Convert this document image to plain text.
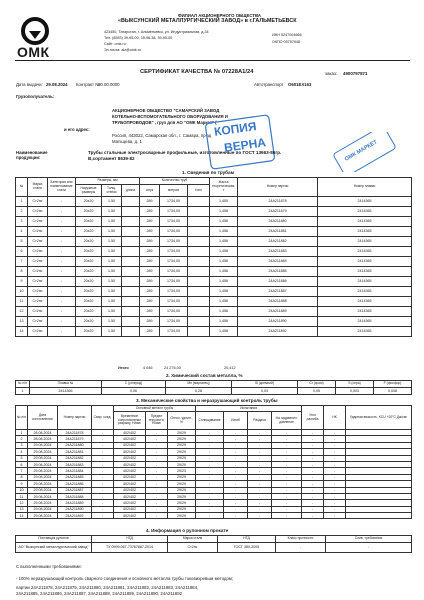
ОМК
ФИЛИАЛ АКЦИОНЕРНОГО ОБЩЕСТВА
«ВЫКСУНСКИЙ МЕТАЛЛУРГИЧЕСКИЙ ЗАВОД» в г.ГАЛЬМЕТЬЕВСК
423450, Татарстан, г. Альметьевск, ул. Индустриальная, д.34
Тел. (8553) 39-95-00, 39-96-38, 39-95-00
Сайт: omk.ru
Эл.почта: alz@omk.ru
ИНН 5247004666
ОКПО 05757948
СЕРТИФИКАТ КАЧЕСТВА № 07228А1/24	заказ: 4900797871
Дата выдачи: 29.08.2024 Контракт №
00.00.0000	Автотранспорт О601ЕХ163
Грузополучатель:
АКЦИОНЕРНОЕ ОБЩЕСТВО "САМАРСКИЙ ЗАВОД
КОТЕЛЬНО-ВСПОМОГАТЕЛЬНОГО ОБОРУДОВАНИЯ И
ТРУБОПРОВОДОВ" , груз для АО "ОМК Маркет" (
и его адрес:
Россия, 443022, Самарская обл., г. Самара, пр-зд
Мальцева, д. 1
КОПИЯ
ВЕРНА	ОМК МАРКЕТ
Наименование продукции:
Трубы стальные электросварные профильные, изготовленные по ГОСТ 13663-86гр.
В,сортамент 8639-82
1. Сведения по трубам
№	Марка стали	Категория или наименование стали	Размеры, мм			Количество труб			Масса теоретическая, т	Номер партии	Номер плавки
			Наружные размеры	Толщ. стенки	длина	штук	метров	тонн			
1	Ст2пс	-	20х20	1,50		289	1734,00		1,450	24А211878	2414365
2	Ст2пс	-	20х20	1,50		289	1734,00		1,456	24А211879	2414365
3	Ст2пс	-	20х20	1,50		289	1734,00		1,456	24А211880	2414365
4	Ст2пс	-	20х20	1,50		289	1734,00		1,456	24А211881	2414365
5	Ст2пс	-	20х20	1,50		289	1734,00		1,456	24А211882	2414365
6	Ст2пс	-	20х20	1,50		289	1734,00		1,456	24А211883	2414365
7	Ст2пс	-	20х20	1,50		289	1734,00		1,456	24А211884	2414365
8	Ст2пс	-	20х20	1,50		289	1734,00		1,456	24А211885	2414365
9	Ст2пс	-	20х20	1,50		289	1734,00		1,456	24А211886	2414365
10	Ст2пс	-	20х20	1,50		289	1734,00		1,456	24А211887	2414365
11	Ст2пс	-	20х20	1,50		289	1734,00		1,456	24А211888	2414365
12	Ст2пс	-	20х20	1,50		289	1734,00		1,456	24А211889	2414365
13	Ст2пс	-	20х20	1,50		289	1734,00		1,456	24А211890	2414365
14	Ст2пс	-	20х20	1,50		289	1734,00		1,456	24А211892	2414365
Итого	4 046	24 276,00	20,412
2. Химический состав металла, %
№ п/п	Плавка №	С (углерод)	Mn (марганец)	Si (кремний)	Cr (хром)	S (сера)	P (фосфор)
1	2414365	0,06	0,28	0,03	0,05	0,003	0,008
3. Механические свойства и неразрушающий контроль трубы
№ п/п	Дата изготовления	Номер партии	Свар. соед.	Основной металл трубы			Испытания				Угол разгиба	НК	Ударная вязкость, KCU +20°С Дж/см²
				Временное сопротивление разрыву, Н/мм²	Предел текучести, Н/мм²	Относ. удлин., %	Сплющивание	Изгиб	Раздача	На гидравлич. давление			
1	28.08.2024	24А211878	-	402/402	-	29/29	-	-	-	-	-	-	
2	28.08.2024	24А211879	-	402/402	-	29/29	-	-	-	-	-	-	
3	29.08.2024	24А211880	-	402/402	-	29/29	-	-	-	-	-	-	
4	29.08.2024	24А211881	-	402/402	-	29/29	-	-	-	-	-	-	
5	29.08.2024	24А211882	-	402/402	-	29/29	-	-	-	-	-	-	
6	29.08.2024	24А211883	-	402/402	-	29/29	-	-	-	-	-	-	
7	29.08.2024	24А211884	-	402/402	-	29/23	-	-	-	-	-	-	
8	29.08.2024	24А211885	-	402/402	-	29/29	-	-	-	-	-	-	
9	29.08.2024	24А211886	-	402/402	-	29/29	-	-	-	-	-	-	
10	29.08.2024	24А211887	-	402/402	-	29/29	-	-	-	-	-	-	
11	29.08.2024	24А211888	-	402/402	-	29/29	-	-	-	-	-	-	
12	29.08.2024	24А211889	-	402/402	-	29/29	-	-	-	-	-	-	
13	29.08.2024	24А211890	-	402/402	-	29/29	-	-	-	-	-	-	
14	29.08.2024	24А211892	-	402/402	-	29/29	-	-	-	-	-	-	
4. Информация о рулонном прокате
Поставщик рулонов	НТД	Марка стали	НТД	Класс прочности	Слив, требования
АО "Выксунский металлургический завод"	ТУ 0999-067-73767887-2014	Ст2пс	ГОСТ 380-2005	-	-
С выполненными требованиями:
- 100% неразрушающий контроль сварного соединения и основного металла трубы токовихревым методом;
партии 24А211878, 24А211879, 24А211880, 24А211881, 24А211882, 24А211883, 24А211884,
24А211885, 24А211886, 24А211887, 24А211888, 24А211889, 24А211890, 24А211892
